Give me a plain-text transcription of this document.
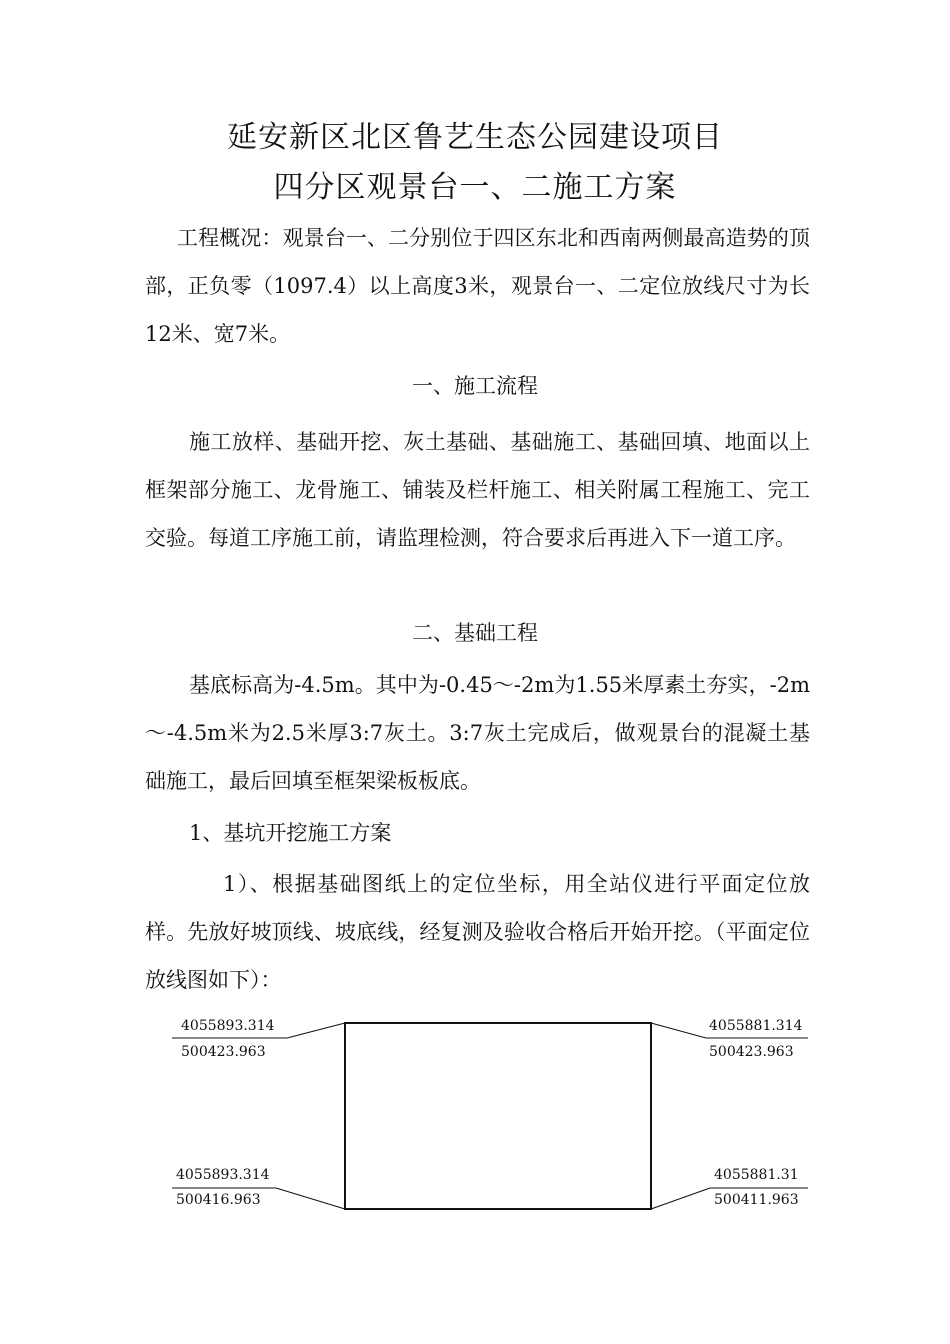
延安新区北区鲁艺生态公园建设项目
四分区观景台一、二施工方案
工程概况：观景台一、二分别位于四区东北和西南两侧最高造势的顶部，正负零（1097.4）以上高度3米，观景台一、二定位放线尺寸为长12米、宽7米。
一、施工流程
施工放样、基础开挖、灰土基础、基础施工、基础回填、地面以上框架部分施工、龙骨施工、铺装及栏杆施工、相关附属工程施工、完工交验。每道工序施工前，请监理检测，符合要求后再进入下一道工序。
二、基础工程
基底标高为-4.5m。其中为-0.45～-2m为1.55米厚素土夯实，-2m～-4.5m米为2.5米厚3:7灰土。3:7灰土完成后，做观景台的混凝土基础施工，最后回填至框架梁板板底。
1、基坑开挖施工方案
1）、根据基础图纸上的定位坐标，用全站仪进行平面定位放样。先放好坡顶线、坡底线，经复测及验收合格后开始开挖。（平面定位放线图如下）：
4055893.314
500423.963
4055881.314
500423.963
4055893.314
500416.963
4055881.31
500411.963
